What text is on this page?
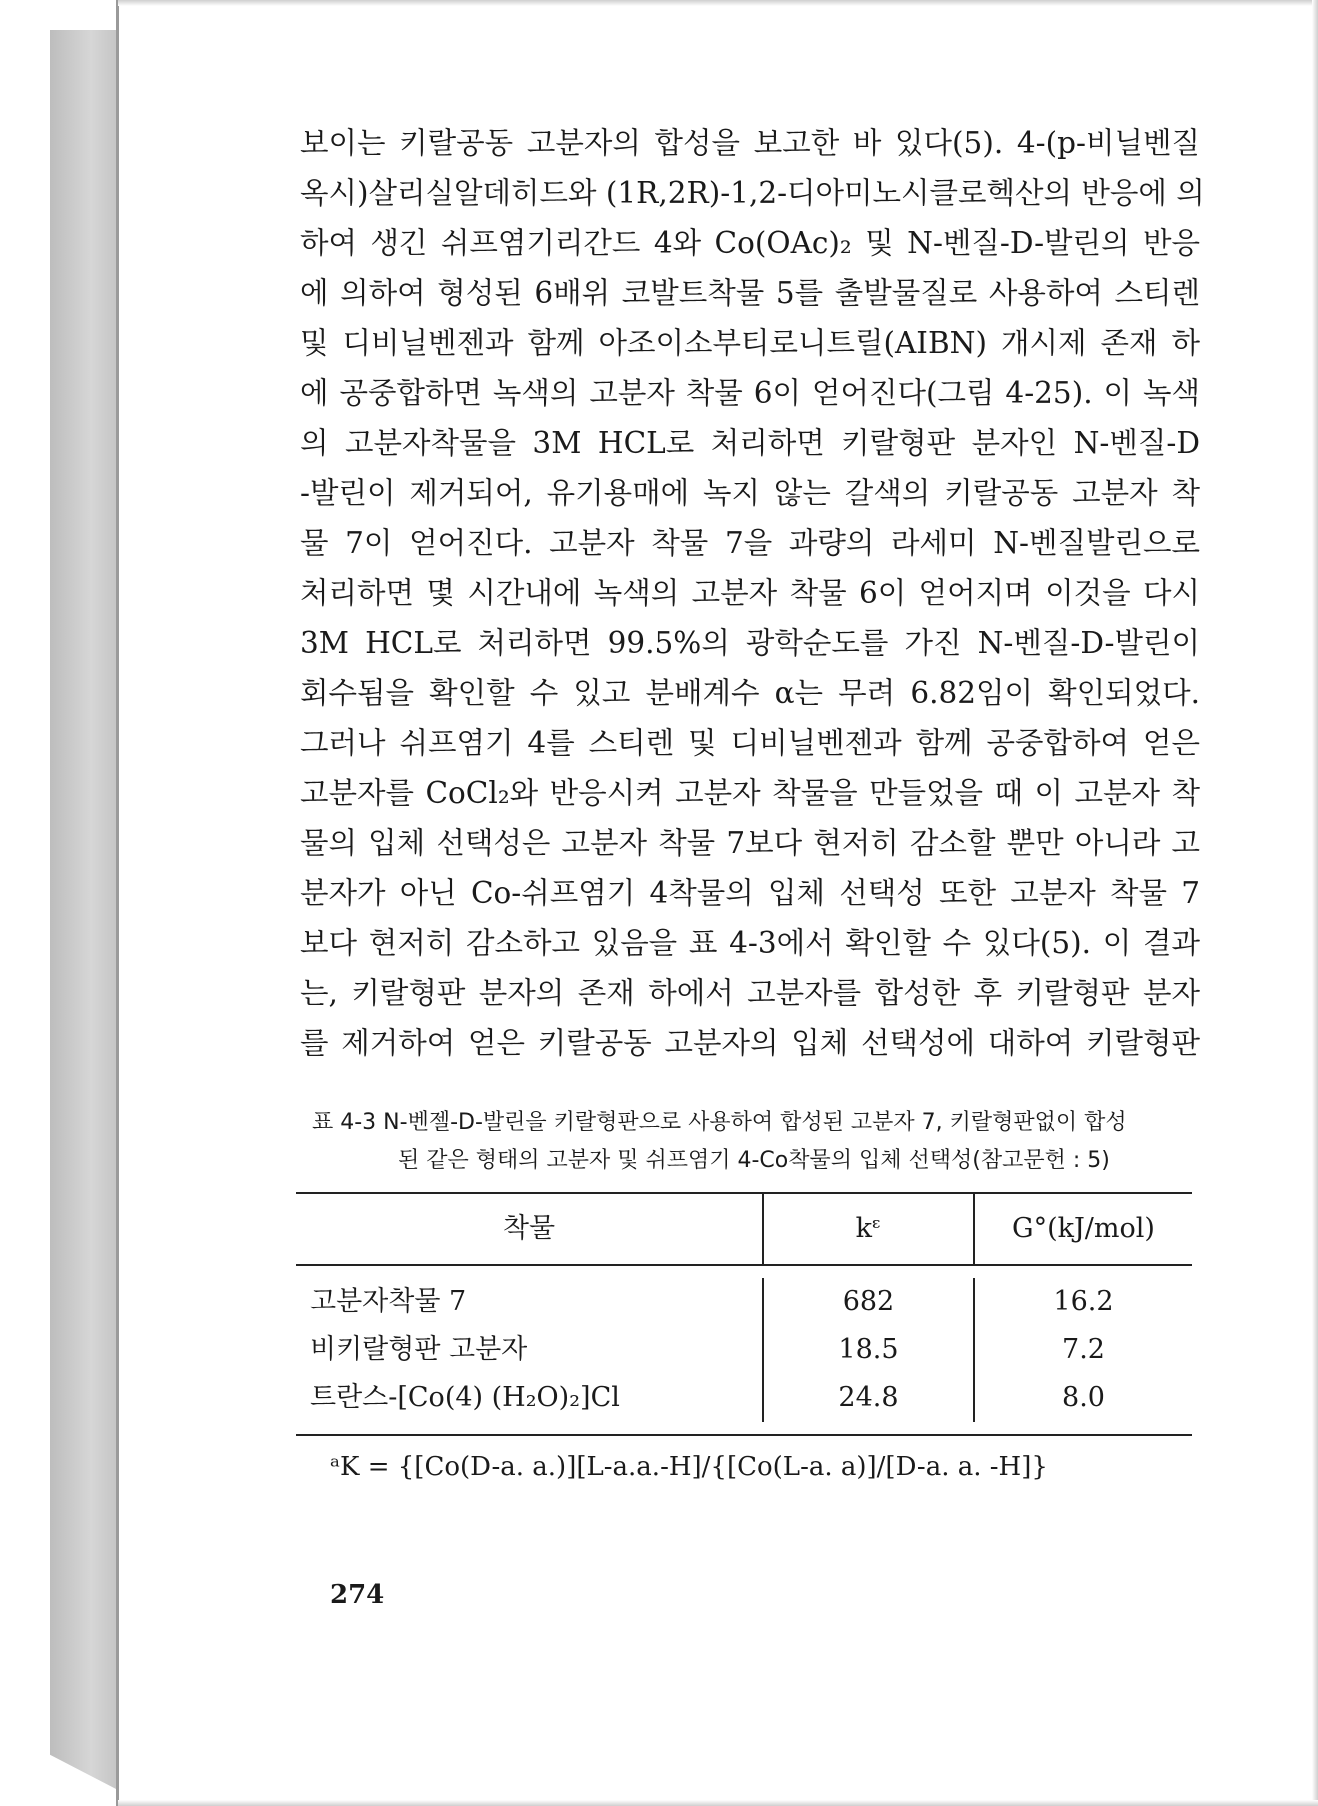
보이는 키랄공동 고분자의 합성을 보고한 바 있다(5). 4-(p-비닐벤질
옥시)살리실알데히드와 (1R,2R)-1,2-디아미노시클로헥산의 반응에 의
하여 생긴 쉬프염기리간드 4와 Co(OAc)₂ 및 N-벤질-D-발린의 반응
에 의하여 형성된 6배위 코발트착물 5를 출발물질로 사용하여 스티렌
및 디비닐벤젠과 함께 아조이소부티로니트릴(AIBN) 개시제 존재 하
에 공중합하면 녹색의 고분자 착물 6이 얻어진다(그림 4-25). 이 녹색
의 고분자착물을 3M HCL로 처리하면 키랄형판 분자인 N-벤질-D
-발린이 제거되어, 유기용매에 녹지 않는 갈색의 키랄공동 고분자 착
물 7이 얻어진다. 고분자 착물 7을 과량의 라세미 N-벤질발린으로
처리하면 몇 시간내에 녹색의 고분자 착물 6이 얻어지며 이것을 다시
3M HCL로 처리하면 99.5%의 광학순도를 가진 N-벤질-D-발린이
회수됨을 확인할 수 있고 분배계수 α는 무려 6.82임이 확인되었다.
그러나 쉬프염기 4를 스티렌 및 디비닐벤젠과 함께 공중합하여 얻은
고분자를 CoCl₂와 반응시켜 고분자 착물을 만들었을 때 이 고분자 착
물의 입체 선택성은 고분자 착물 7보다 현저히 감소할 뿐만 아니라 고
분자가 아닌 Co-쉬프염기 4착물의 입체 선택성 또한 고분자 착물 7
보다 현저히 감소하고 있음을 표 4-3에서 확인할 수 있다(5). 이 결과
는, 키랄형판 분자의 존재 하에서 고분자를 합성한 후 키랄형판 분자
를 제거하여 얻은 키랄공동 고분자의 입체 선택성에 대하여 키랄형판
표 4-3 N-벤젤-D-발린을 키랄형판으로 사용하여 합성된 고분자 7, 키랄형판없이 합성
된 같은 형태의 고분자 및 쉬프염기 4-Co착물의 입체 선택성(참고문헌 : 5)
착물	kᵋ	G°(kJ/mol)
고분자착물 7	682	16.2
비키랄형판 고분자	18.5	7.2
트란스-[Co(4) (H₂O)₂]Cl	24.8	8.0
ᵃK = {[Co(D-a. a.)][L-a.a.-H]/{[Co(L-a. a)]/[D-a. a. -H]}
274
